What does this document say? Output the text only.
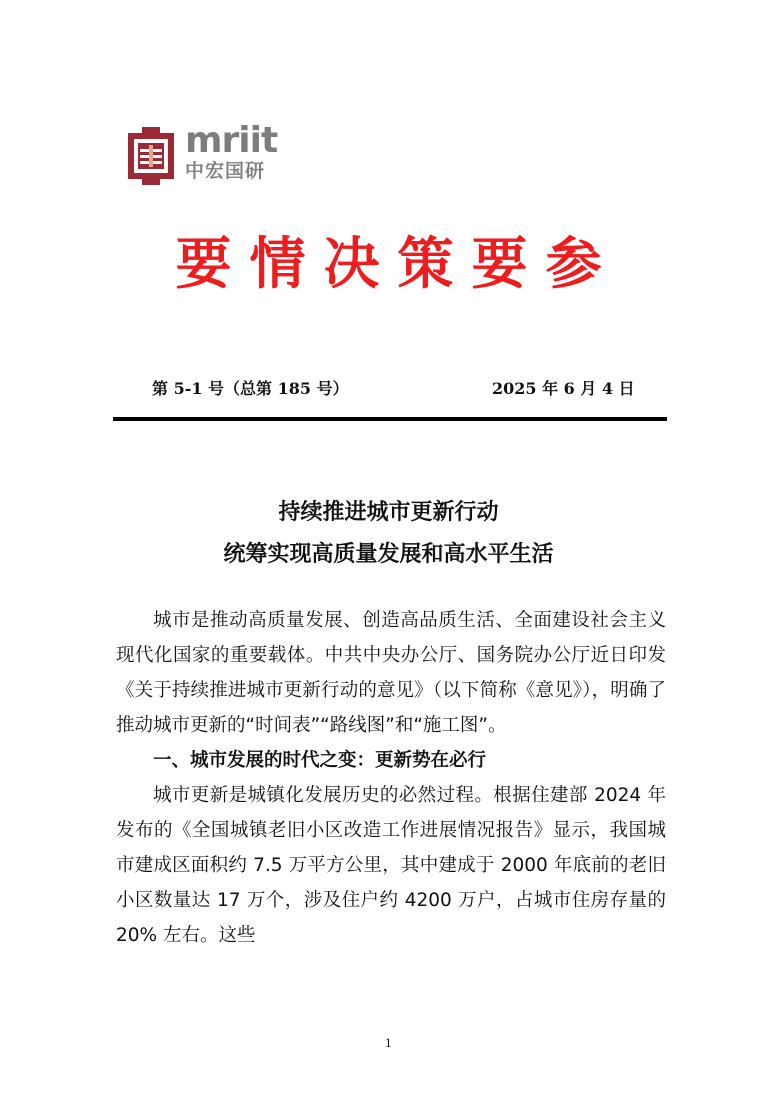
mriit
中宏国研
要情决策要参
第 5-1 号（总第 185 号）	2025 年 6 月 4 日
持续推进城市更新行动
统筹实现高质量发展和高水平生活

城市是推动高质量发展、创造高品质生活、全面建设社会主义现代化国家的重要载体。中共中央办公厅、国务院办公厅近日印发《关于持续推进城市更新行动的意见》（以下简称《意见》），明确了推动城市更新的“时间表”“路线图”和“施工图”。

一、城市发展的时代之变：更新势在必行

城市更新是城镇化发展历史的必然过程。根据住建部 2024 年发布的《全国城镇老旧小区改造工作进展情况报告》显示，我国城市建成区面积约 7.5 万平方公里，其中建成于 2000 年底前的老旧小区数量达 17 万个，涉及住户约 4200 万户，占城市住房存量的 20% 左右。这些

1
